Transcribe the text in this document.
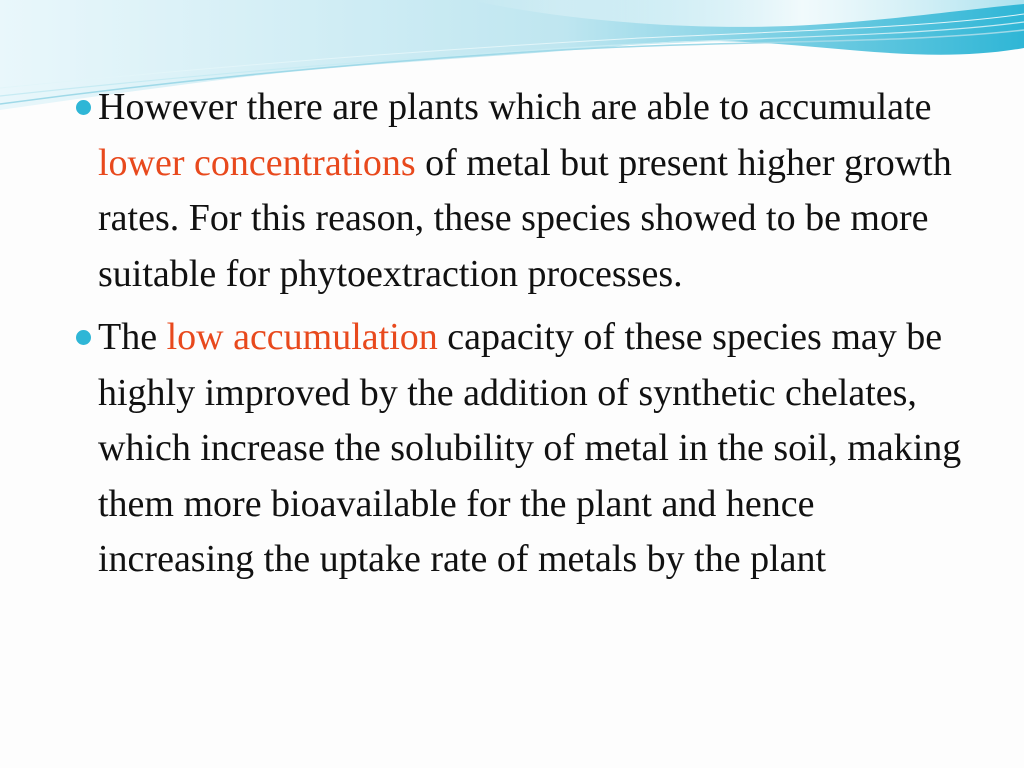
However there are plants which are able to accumulate lower concentrations of metal but present higher growth rates. For this reason, these species showed to be more suitable for phytoextraction processes.
The low accumulation capacity of these species may be highly improved by the addition of synthetic chelates, which increase the solubility of metal in the soil, making them more bioavailable for the plant and hence increasing the uptake rate of metals by the plant
